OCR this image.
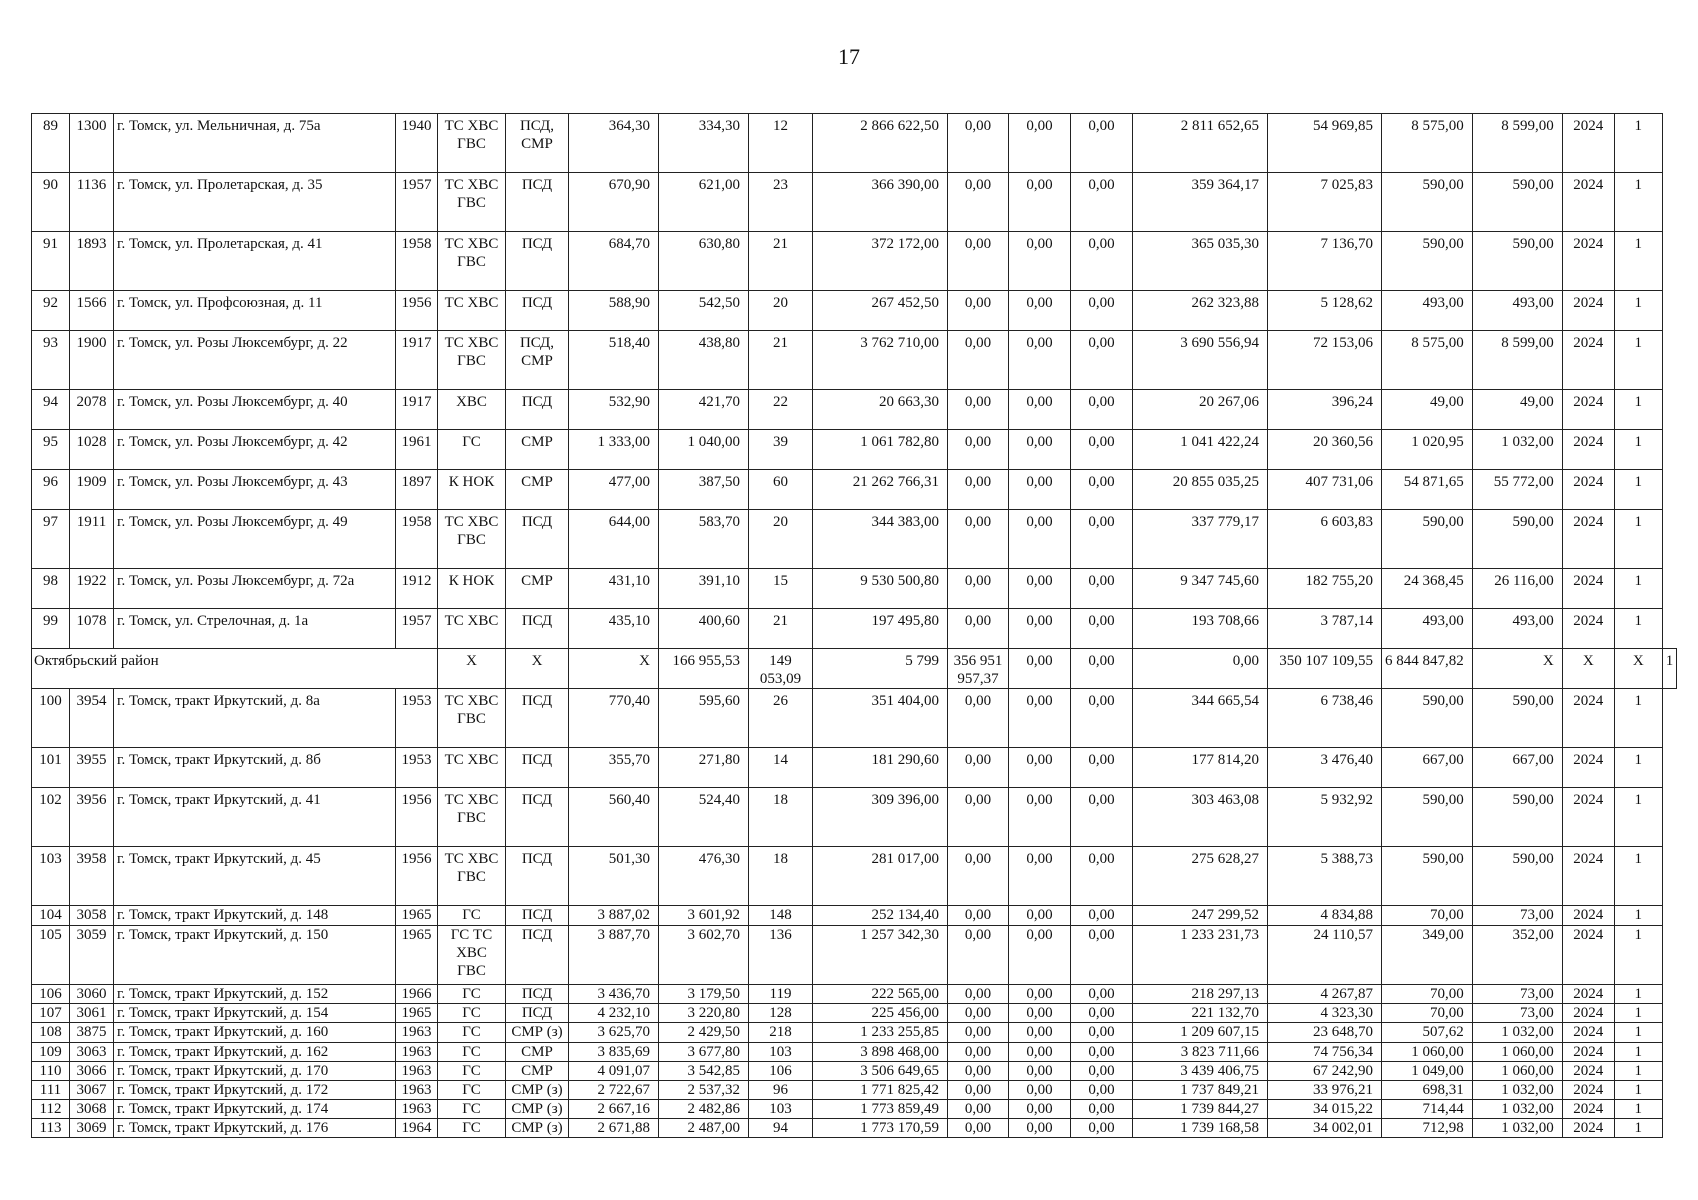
17
89	1300	г. Томск, ул. Мельничная, д. 75а	1940	ТС ХВС ГВС	ПСД, СМР	364,30	334,30	12	2 866 622,50	0,00	0,00	0,00	2 811 652,65	54 969,85	8 575,00	8 599,00	2024	1	
90	1136	г. Томск, ул. Пролетарская, д. 35	1957	ТС ХВС ГВС	ПСД	670,90	621,00	23	366 390,00	0,00	0,00	0,00	359 364,17	7 025,83	590,00	590,00	2024	1	
91	1893	г. Томск, ул. Пролетарская, д. 41	1958	ТС ХВС ГВС	ПСД	684,70	630,80	21	372 172,00	0,00	0,00	0,00	365 035,30	7 136,70	590,00	590,00	2024	1	
92	1566	г. Томск, ул. Профсоюзная, д. 11	1956	ТС ХВС	ПСД	588,90	542,50	20	267 452,50	0,00	0,00	0,00	262 323,88	5 128,62	493,00	493,00	2024	1	
93	1900	г. Томск, ул. Розы Люксембург, д. 22	1917	ТС ХВС ГВС	ПСД, СМР	518,40	438,80	21	3 762 710,00	0,00	0,00	0,00	3 690 556,94	72 153,06	8 575,00	8 599,00	2024	1	
94	2078	г. Томск, ул. Розы Люксембург, д. 40	1917	ХВС	ПСД	532,90	421,70	22	20 663,30	0,00	0,00	0,00	20 267,06	396,24	49,00	49,00	2024	1	
95	1028	г. Томск, ул. Розы Люксембург, д. 42	1961	ГС	СМР	1 333,00	1 040,00	39	1 061 782,80	0,00	0,00	0,00	1 041 422,24	20 360,56	1 020,95	1 032,00	2024	1	
96	1909	г. Томск, ул. Розы Люксембург, д. 43	1897	К НОК	СМР	477,00	387,50	60	21 262 766,31	0,00	0,00	0,00	20 855 035,25	407 731,06	54 871,65	55 772,00	2024	1	
97	1911	г. Томск, ул. Розы Люксембург, д. 49	1958	ТС ХВС ГВС	ПСД	644,00	583,70	20	344 383,00	0,00	0,00	0,00	337 779,17	6 603,83	590,00	590,00	2024	1	
98	1922	г. Томск, ул. Розы Люксембург, д. 72а	1912	К НОК	СМР	431,10	391,10	15	9 530 500,80	0,00	0,00	0,00	9 347 745,60	182 755,20	24 368,45	26 116,00	2024	1	
99	1078	г. Томск, ул. Стрелочная, д. 1а	1957	ТС ХВС	ПСД	435,10	400,60	21	197 495,80	0,00	0,00	0,00	193 708,66	3 787,14	493,00	493,00	2024	1	
Октябрьский район				Х	Х	Х	166 955,53	149 053,09	5 799	356 951 957,37	0,00	0,00	0,00	350 107 109,55	6 844 847,82	Х	Х	Х	1
100	3954	г. Томск, тракт Иркутский, д. 8а	1953	ТС ХВС ГВС	ПСД	770,40	595,60	26	351 404,00	0,00	0,00	0,00	344 665,54	6 738,46	590,00	590,00	2024	1	
101	3955	г. Томск, тракт Иркутский, д. 8б	1953	ТС ХВС	ПСД	355,70	271,80	14	181 290,60	0,00	0,00	0,00	177 814,20	3 476,40	667,00	667,00	2024	1	
102	3956	г. Томск, тракт Иркутский, д. 41	1956	ТС ХВС ГВС	ПСД	560,40	524,40	18	309 396,00	0,00	0,00	0,00	303 463,08	5 932,92	590,00	590,00	2024	1	
103	3958	г. Томск, тракт Иркутский, д. 45	1956	ТС ХВС ГВС	ПСД	501,30	476,30	18	281 017,00	0,00	0,00	0,00	275 628,27	5 388,73	590,00	590,00	2024	1	
104	3058	г. Томск, тракт Иркутский, д. 148	1965	ГС	ПСД	3 887,02	3 601,92	148	252 134,40	0,00	0,00	0,00	247 299,52	4 834,88	70,00	73,00	2024	1	
105	3059	г. Томск, тракт Иркутский, д. 150	1965	ГС ТС ХВС ГВС	ПСД	3 887,70	3 602,70	136	1 257 342,30	0,00	0,00	0,00	1 233 231,73	24 110,57	349,00	352,00	2024	1	
106	3060	г. Томск, тракт Иркутский, д. 152	1966	ГС	ПСД	3 436,70	3 179,50	119	222 565,00	0,00	0,00	0,00	218 297,13	4 267,87	70,00	73,00	2024	1	
107	3061	г. Томск, тракт Иркутский, д. 154	1965	ГС	ПСД	4 232,10	3 220,80	128	225 456,00	0,00	0,00	0,00	221 132,70	4 323,30	70,00	73,00	2024	1	
108	3875	г. Томск, тракт Иркутский, д. 160	1963	ГС	СМР (з)	3 625,70	2 429,50	218	1 233 255,85	0,00	0,00	0,00	1 209 607,15	23 648,70	507,62	1 032,00	2024	1	
109	3063	г. Томск, тракт Иркутский, д. 162	1963	ГС	СМР	3 835,69	3 677,80	103	3 898 468,00	0,00	0,00	0,00	3 823 711,66	74 756,34	1 060,00	1 060,00	2024	1	
110	3066	г. Томск, тракт Иркутский, д. 170	1963	ГС	СМР	4 091,07	3 542,85	106	3 506 649,65	0,00	0,00	0,00	3 439 406,75	67 242,90	1 049,00	1 060,00	2024	1	
111	3067	г. Томск, тракт Иркутский, д. 172	1963	ГС	СМР (з)	2 722,67	2 537,32	96	1 771 825,42	0,00	0,00	0,00	1 737 849,21	33 976,21	698,31	1 032,00	2024	1	
112	3068	г. Томск, тракт Иркутский, д. 174	1963	ГС	СМР (з)	2 667,16	2 482,86	103	1 773 859,49	0,00	0,00	0,00	1 739 844,27	34 015,22	714,44	1 032,00	2024	1	
113	3069	г. Томск, тракт Иркутский, д. 176	1964	ГС	СМР (з)	2 671,88	2 487,00	94	1 773 170,59	0,00	0,00	0,00	1 739 168,58	34 002,01	712,98	1 032,00	2024	1	
